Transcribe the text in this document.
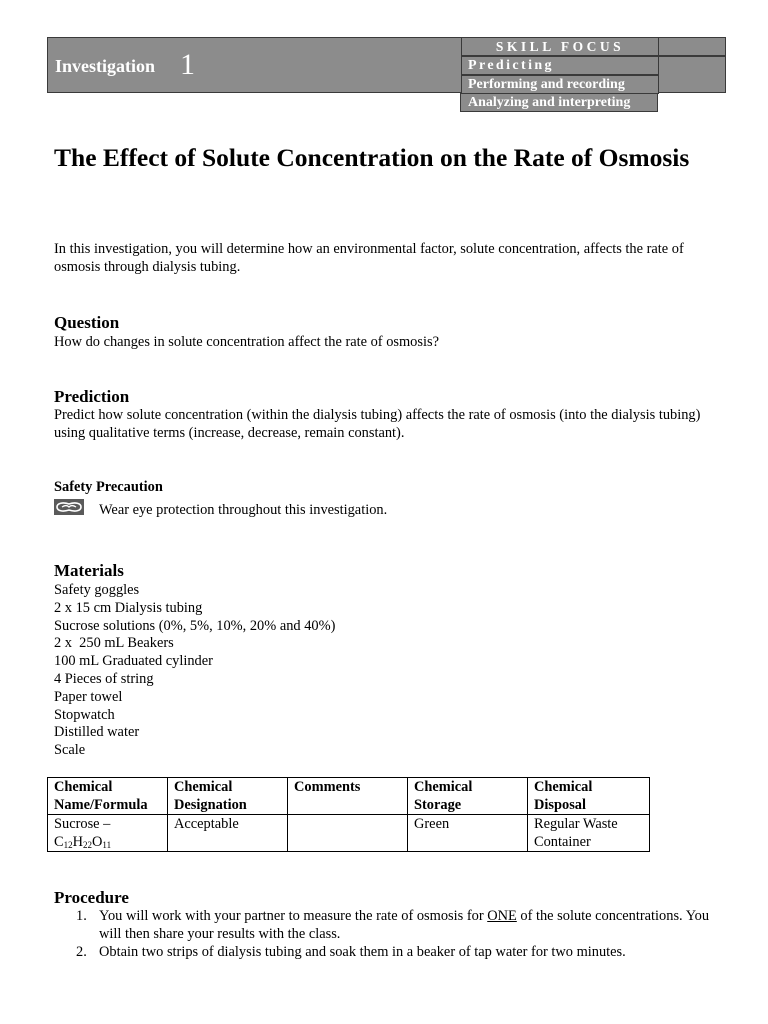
Investigation 1
SKILL FOCUS
Predicting
Performing and recording
Analyzing and interpreting
The Effect of Solute Concentration on the Rate of Osmosis

In this investigation, you will determine how an environmental factor, solute concentration, affects the rate of osmosis through dialysis tubing.

Question

How do changes in solute concentration affect the rate of osmosis?

Prediction

Predict how solute concentration (within the dialysis tubing) affects the rate of osmosis (into the dialysis tubing) using qualitative terms (increase, decrease, remain constant).

Safety Precaution
Wear eye protection throughout this investigation.
Materials
Safety goggles
2 x 15 cm Dialysis tubing
Sucrose solutions (0%, 5%, 10%, 20% and 40%)
2 x  250 mL Beakers
100 mL Graduated cylinder
4 Pieces of string
Paper towel
Stopwatch
Distilled water
Scale
Chemical Name/Formula	Chemical Designation	Comments	Chemical Storage	Chemical Disposal
Sucrose –
$C_{12}H_{22}O_{11}$	Acceptable		Green	Regular Waste Container
Procedure
1. You will work with your partner to measure the rate of osmosis for ONE of the solute concentrations. You will then share your results with the class.
2. Obtain two strips of dialysis tubing and soak them in a beaker of tap water for two minutes.
